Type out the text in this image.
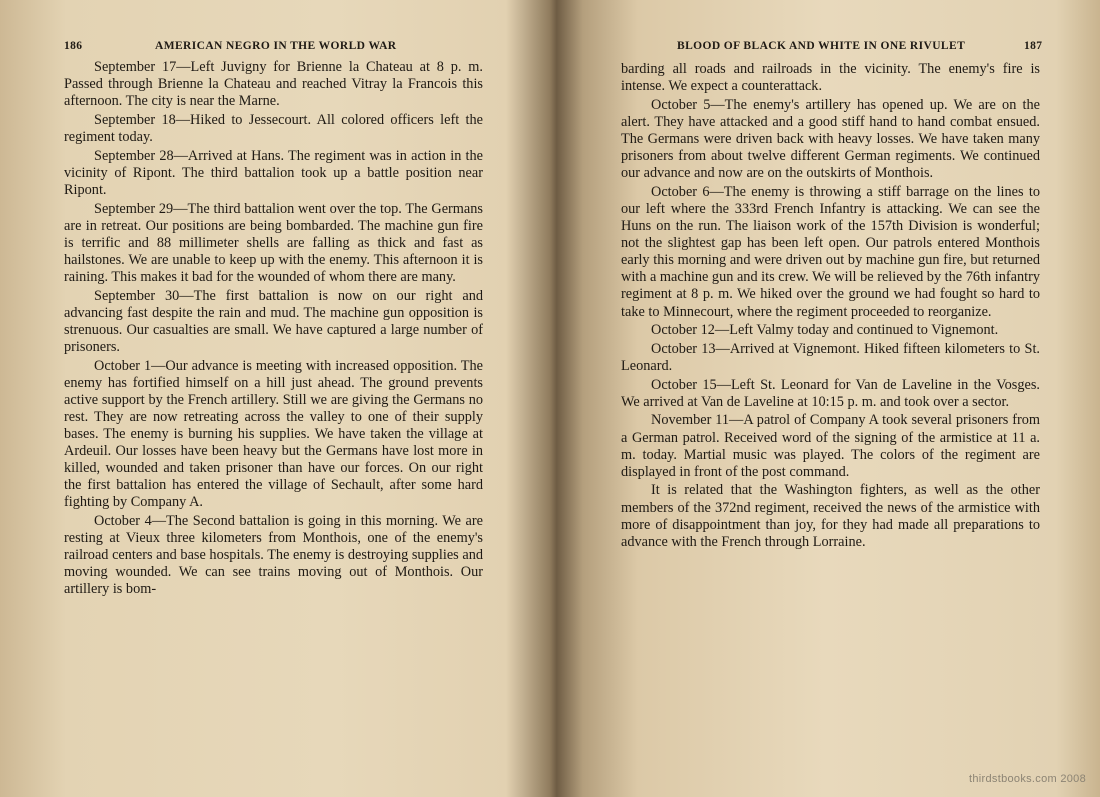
186	AMERICAN NEGRO IN THE WORLD WAR

September 17—Left Juvigny for Brienne la Chateau at 8 p. m. Passed through Brienne la Chateau and reached Vitray la Francois this afternoon. The city is near the Marne.

September 18—Hiked to Jessecourt. All colored officers left the regiment today.

September 28—Arrived at Hans. The regiment was in action in the vicinity of Ripont. The third battalion took up a battle position near Ripont.

September 29—The third battalion went over the top. The Germans are in retreat. Our positions are being bombarded. The machine gun fire is terrific and 88 millimeter shells are falling as thick and fast as hailstones. We are unable to keep up with the enemy. This afternoon it is raining. This makes it bad for the wounded of whom there are many.

September 30—The first battalion is now on our right and advancing fast despite the rain and mud. The machine gun opposition is strenuous. Our casualties are small. We have captured a large number of prisoners.

October 1—Our advance is meeting with increased opposition. The enemy has fortified himself on a hill just ahead. The ground prevents active support by the French artillery. Still we are giving the Germans no rest. They are now retreating across the valley to one of their supply bases. The enemy is burning his supplies. We have taken the village at Ardeuil. Our losses have been heavy but the Germans have lost more in killed, wounded and taken prisoner than have our forces. On our right the first battalion has entered the village of Sechault, after some hard fighting by Company A.

October 4—The Second battalion is going in this morning. We are resting at Vieux three kilometers from Monthois, one of the enemy's railroad centers and base hospitals. The enemy is destroying supplies and moving wounded. We can see trains moving out of Monthois. Our artillery is bom-

BLOOD OF BLACK AND WHITE IN ONE RIVULET	187

barding all roads and railroads in the vicinity. The enemy's fire is intense. We expect a counterattack.

October 5—The enemy's artillery has opened up. We are on the alert. They have attacked and a good stiff hand to hand combat ensued. The Germans were driven back with heavy losses. We have taken many prisoners from about twelve different German regiments. We continued our advance and now are on the outskirts of Monthois.

October 6—The enemy is throwing a stiff barrage on the lines to our left where the 333rd French Infantry is attacking. We can see the Huns on the run. The liaison work of the 157th Division is wonderful; not the slightest gap has been left open. Our patrols entered Monthois early this morning and were driven out by machine gun fire, but returned with a machine gun and its crew. We will be relieved by the 76th infantry regiment at 8 p. m. We hiked over the ground we had fought so hard to take to Minnecourt, where the regiment proceeded to reorganize.

October 12—Left Valmy today and continued to Vignemont.

October 13—Arrived at Vignemont. Hiked fifteen kilometers to St. Leonard.

October 15—Left St. Leonard for Van de Laveline in the Vosges. We arrived at Van de Laveline at 10:15 p. m. and took over a sector.

November 11—A patrol of Company A took several prisoners from a German patrol. Received word of the signing of the armistice at 11 a. m. today. Martial music was played. The colors of the regiment are displayed in front of the post command.

It is related that the Washington fighters, as well as the other members of the 372nd regiment, received the news of the armistice with more of disappointment than joy, for they had made all preparations to advance with the French through Lorraine.

thirdstbooks.com 2008
